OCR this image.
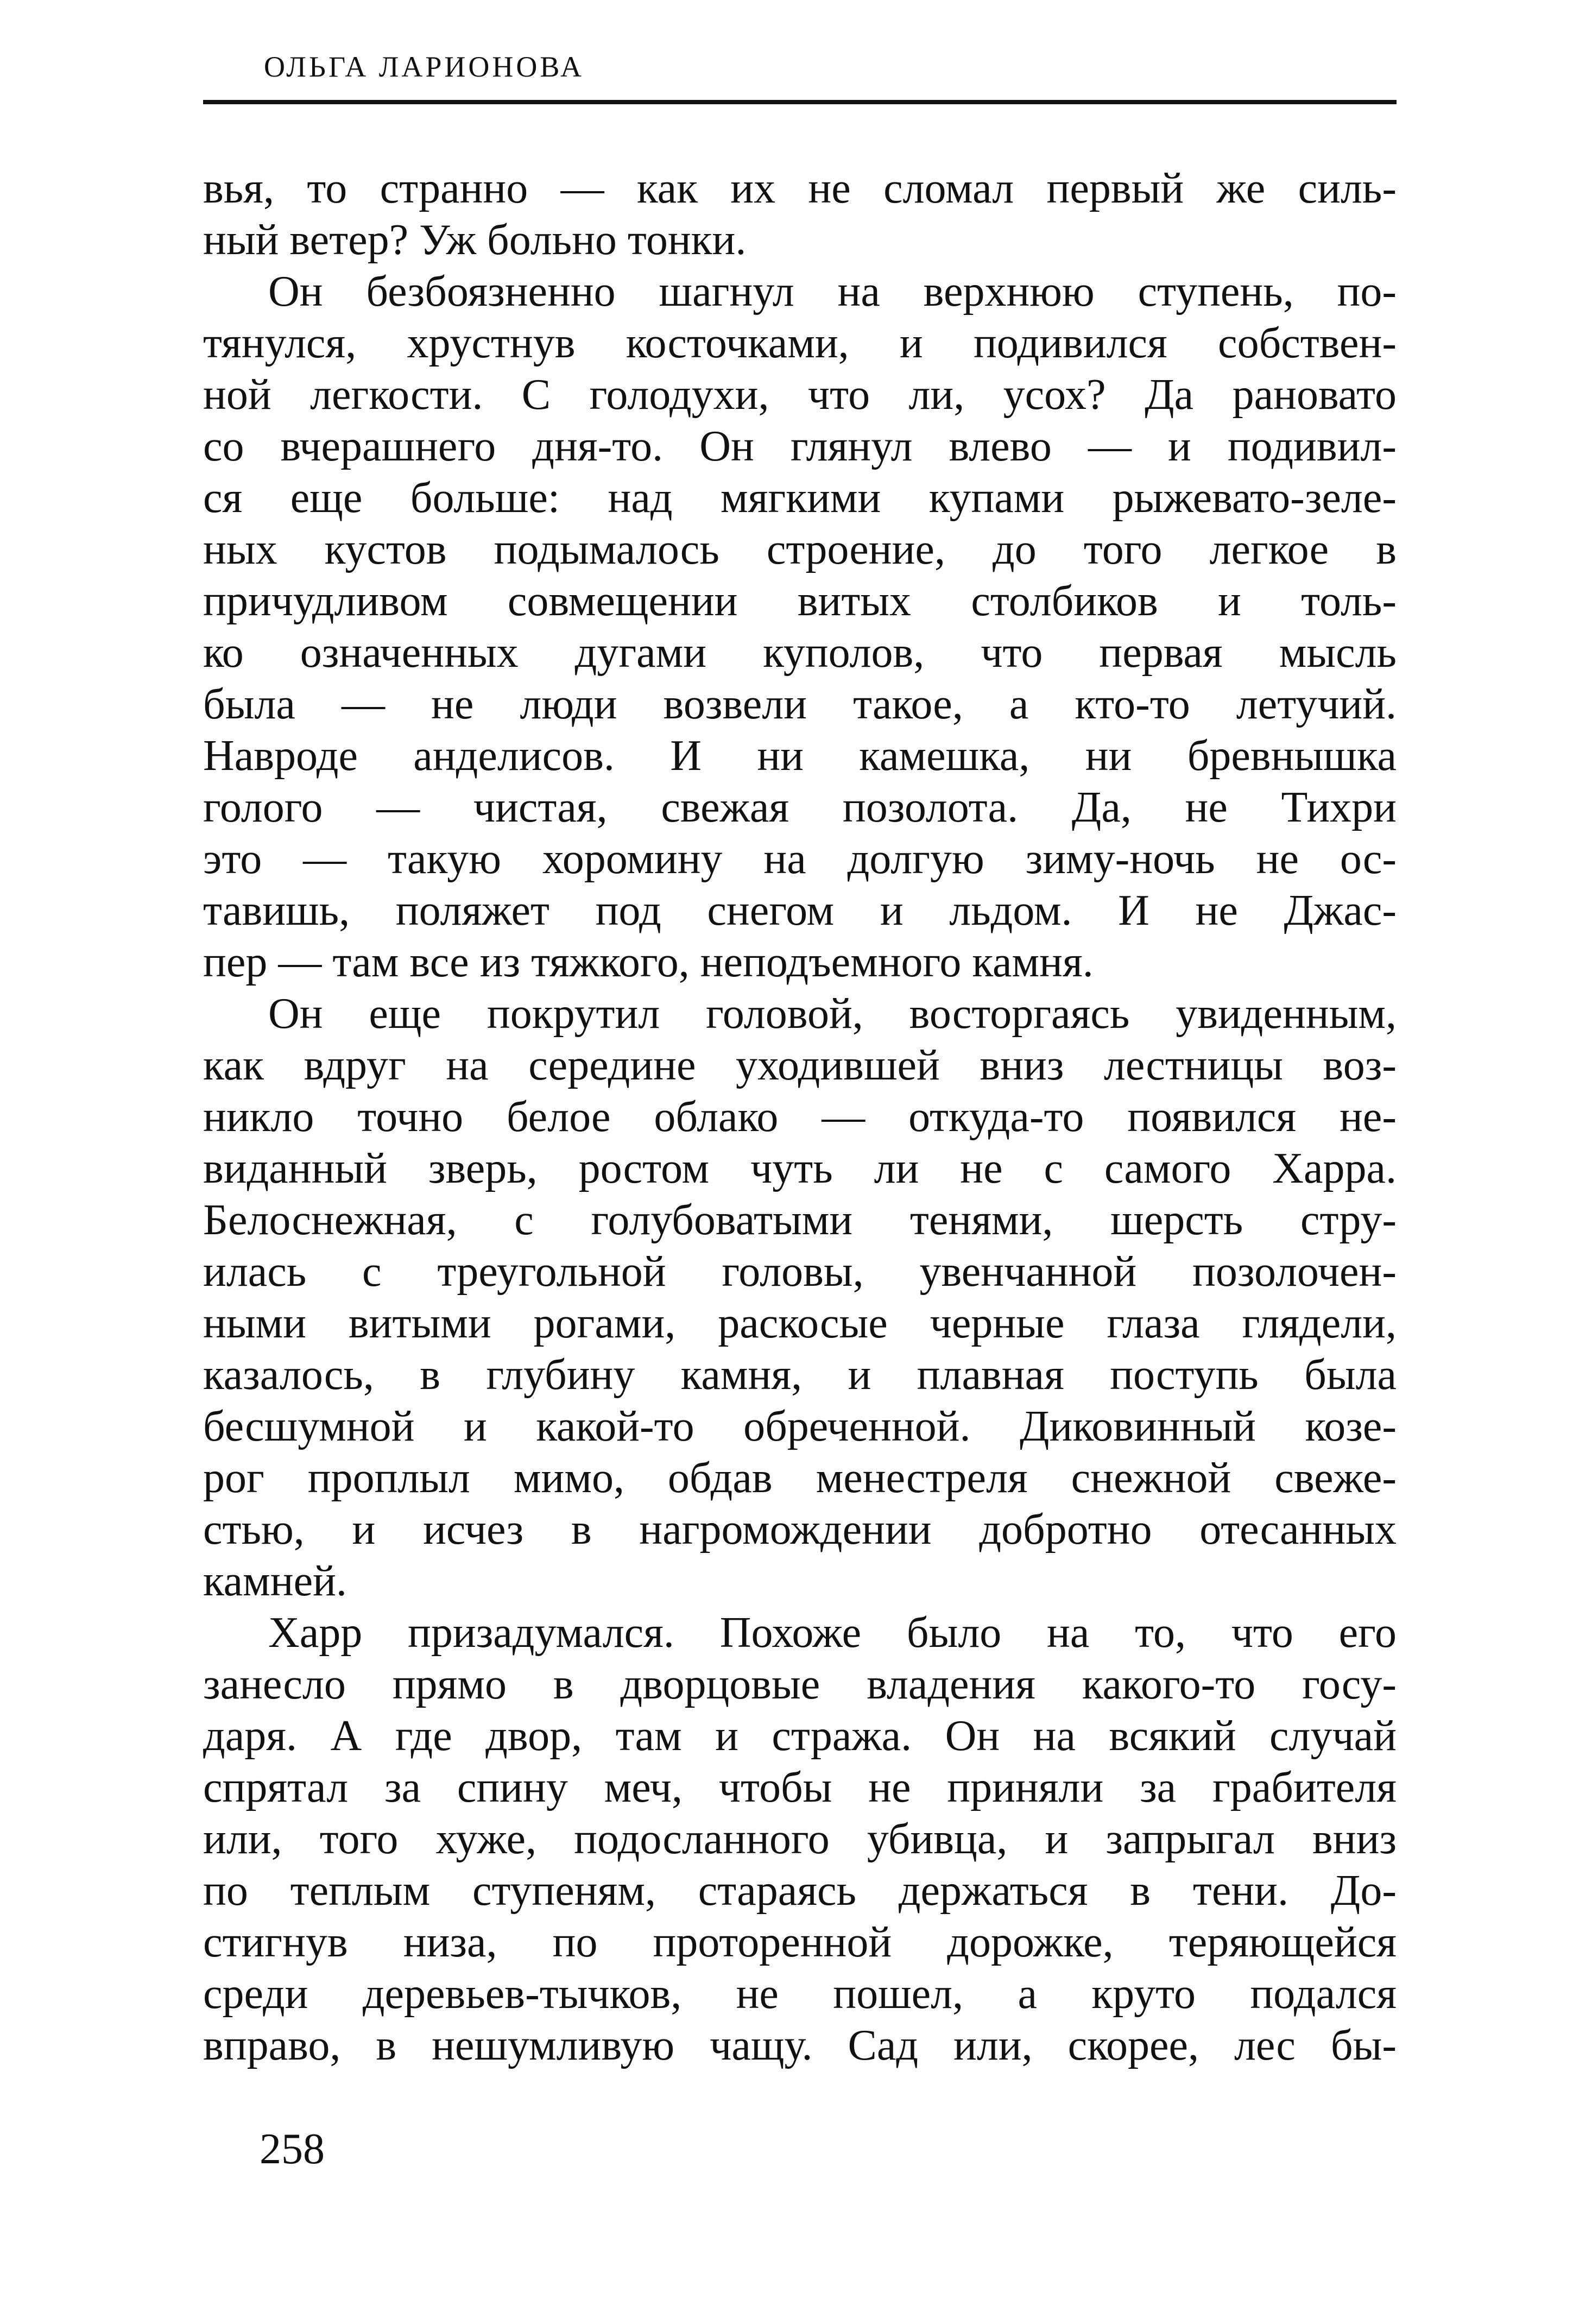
ОЛЬГА ЛАРИОНОВА
вья, то странно — как их не сломал первый же силь-
ный ветер? Уж больно тонки.
Он безбоязненно шагнул на верхнюю ступень, по-
тянулся, хрустнув косточками, и подивился собствен-
ной легкости. С голодухи, что ли, усох? Да рановато
со вчерашнего дня-то. Он глянул влево — и подивил-
ся еще больше: над мягкими купами рыжевато-зеле-
ных кустов подымалось строение, до того легкое в
причудливом совмещении витых столбиков и толь-
ко означенных дугами куполов, что первая мысль
была — не люди возвели такое, а кто-то летучий.
Навроде анделисов. И ни камешка, ни бревнышка
голого — чистая, свежая позолота. Да, не Тихри
это — такую хоромину на долгую зиму-ночь не ос-
тавишь, поляжет под снегом и льдом. И не Джас-
пер — там все из тяжкого, неподъемного камня.
Он еще покрутил головой, восторгаясь увиденным,
как вдруг на середине уходившей вниз лестницы воз-
никло точно белое облако — откуда-то появился не-
виданный зверь, ростом чуть ли не с самого Харра.
Белоснежная, с голубоватыми тенями, шерсть стру-
илась с треугольной головы, увенчанной позолочен-
ными витыми рогами, раскосые черные глаза глядели,
казалось, в глубину камня, и плавная поступь была
бесшумной и какой-то обреченной. Диковинный козе-
рог проплыл мимо, обдав менестреля снежной свеже-
стью, и исчез в нагромождении добротно отесанных
камней.
Харр призадумался. Похоже было на то, что его
занесло прямо в дворцовые владения какого-то госу-
даря. А где двор, там и стража. Он на всякий случай
спрятал за спину меч, чтобы не приняли за грабителя
или, того хуже, подосланного убивца, и запрыгал вниз
по теплым ступеням, стараясь держаться в тени. До-
стигнув низа, по проторенной дорожке, теряющейся
среди деревьев-тычков, не пошел, а круто подался
вправо, в нешумливую чащу. Сад или, скорее, лес бы-
258
